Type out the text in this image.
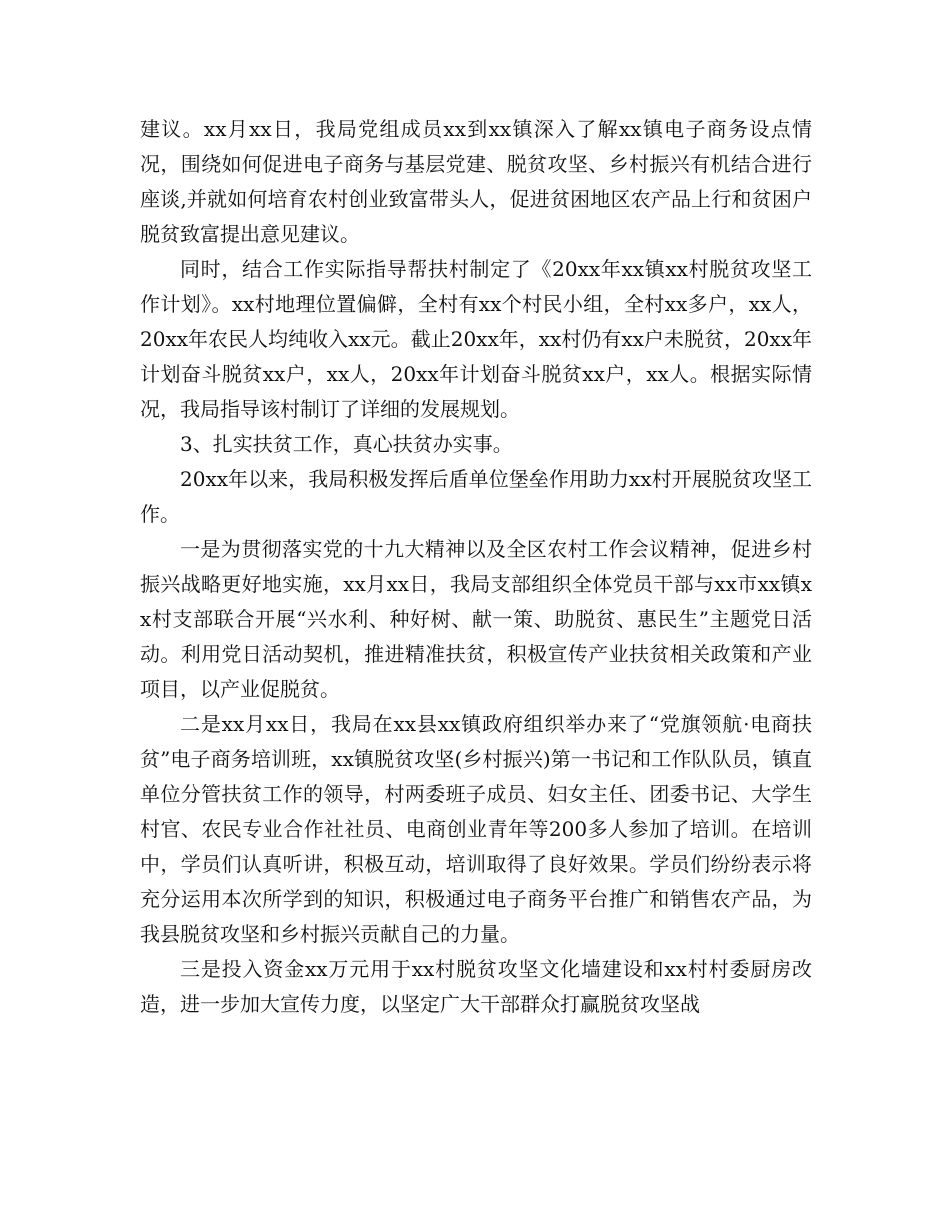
建议。xx月xx日，我局党组成员xx到xx镇深入了解xx镇电子商务设点情况，围绕如何促进电子商务与基层党建、脱贫攻坚、乡村振兴有机结合进行座谈,并就如何培育农村创业致富带头人，促进贫困地区农产品上行和贫困户脱贫致富提出意见建议。

同时，结合工作实际指导帮扶村制定了《20xx年xx镇xx村脱贫攻坚工作计划》。xx村地理位置偏僻，全村有xx个村民小组，全村xx多户，xx人，20xx年农民人均纯收入xx元。截止20xx年，xx村仍有xx户未脱贫，20xx年计划奋斗脱贫xx户，xx人，20xx年计划奋斗脱贫xx户，xx人。根据实际情况，我局指导该村制订了详细的发展规划。

3、扎实扶贫工作，真心扶贫办实事。

20xx年以来，我局积极发挥后盾单位堡垒作用助力xx村开展脱贫攻坚工作。

一是为贯彻落实党的十九大精神以及全区农村工作会议精神，促进乡村振兴战略更好地实施，xx月xx日，我局支部组织全体党员干部与xx市xx镇xx村支部联合开展“兴水利、种好树、献一策、助脱贫、惠民生”主题党日活动。利用党日活动契机，推进精准扶贫，积极宣传产业扶贫相关政策和产业项目，以产业促脱贫。

二是xx月xx日，我局在xx县xx镇政府组织举办来了“党旗领航·电商扶贫”电子商务培训班，xx镇脱贫攻坚(乡村振兴)第一书记和工作队队员，镇直单位分管扶贫工作的领导，村两委班子成员、妇女主任、团委书记、大学生村官、农民专业合作社社员、电商创业青年等200多人参加了培训。在培训中，学员们认真听讲，积极互动，培训取得了良好效果。学员们纷纷表示将充分运用本次所学到的知识，积极通过电子商务平台推广和销售农产品，为我县脱贫攻坚和乡村振兴贡献自己的力量。

三是投入资金xx万元用于xx村脱贫攻坚文化墙建设和xx村村委厨房改造，进一步加大宣传力度，以坚定广大干部群众打赢脱贫攻坚战
